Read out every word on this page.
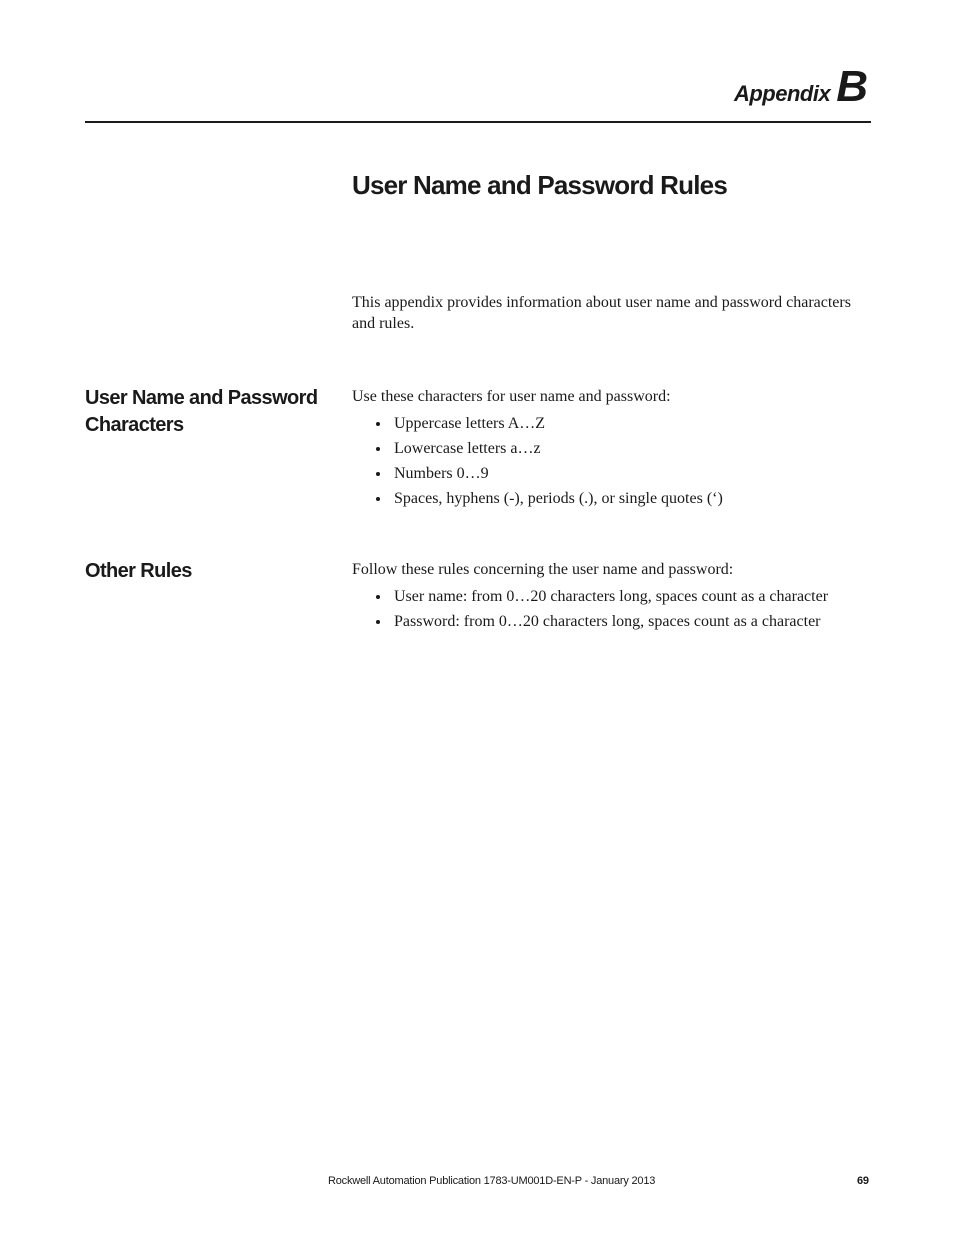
Appendix B
User Name and Password Rules

This appendix provides information about user name and password characters and rules.

User Name and Password Characters

Use these characters for user name and password:

Uppercase letters A…Z
Lowercase letters a…z
Numbers 0…9
Spaces, hyphens (-), periods (.), or single quotes (‘)
Other Rules	Follow these rules concerning the user name and password:

User name: from 0…20 characters long, spaces count as a character
Password: from 0…20 characters long, spaces count as a character
Rockwell Automation Publication 1783-UM001D-EN-P - January 2013	69
